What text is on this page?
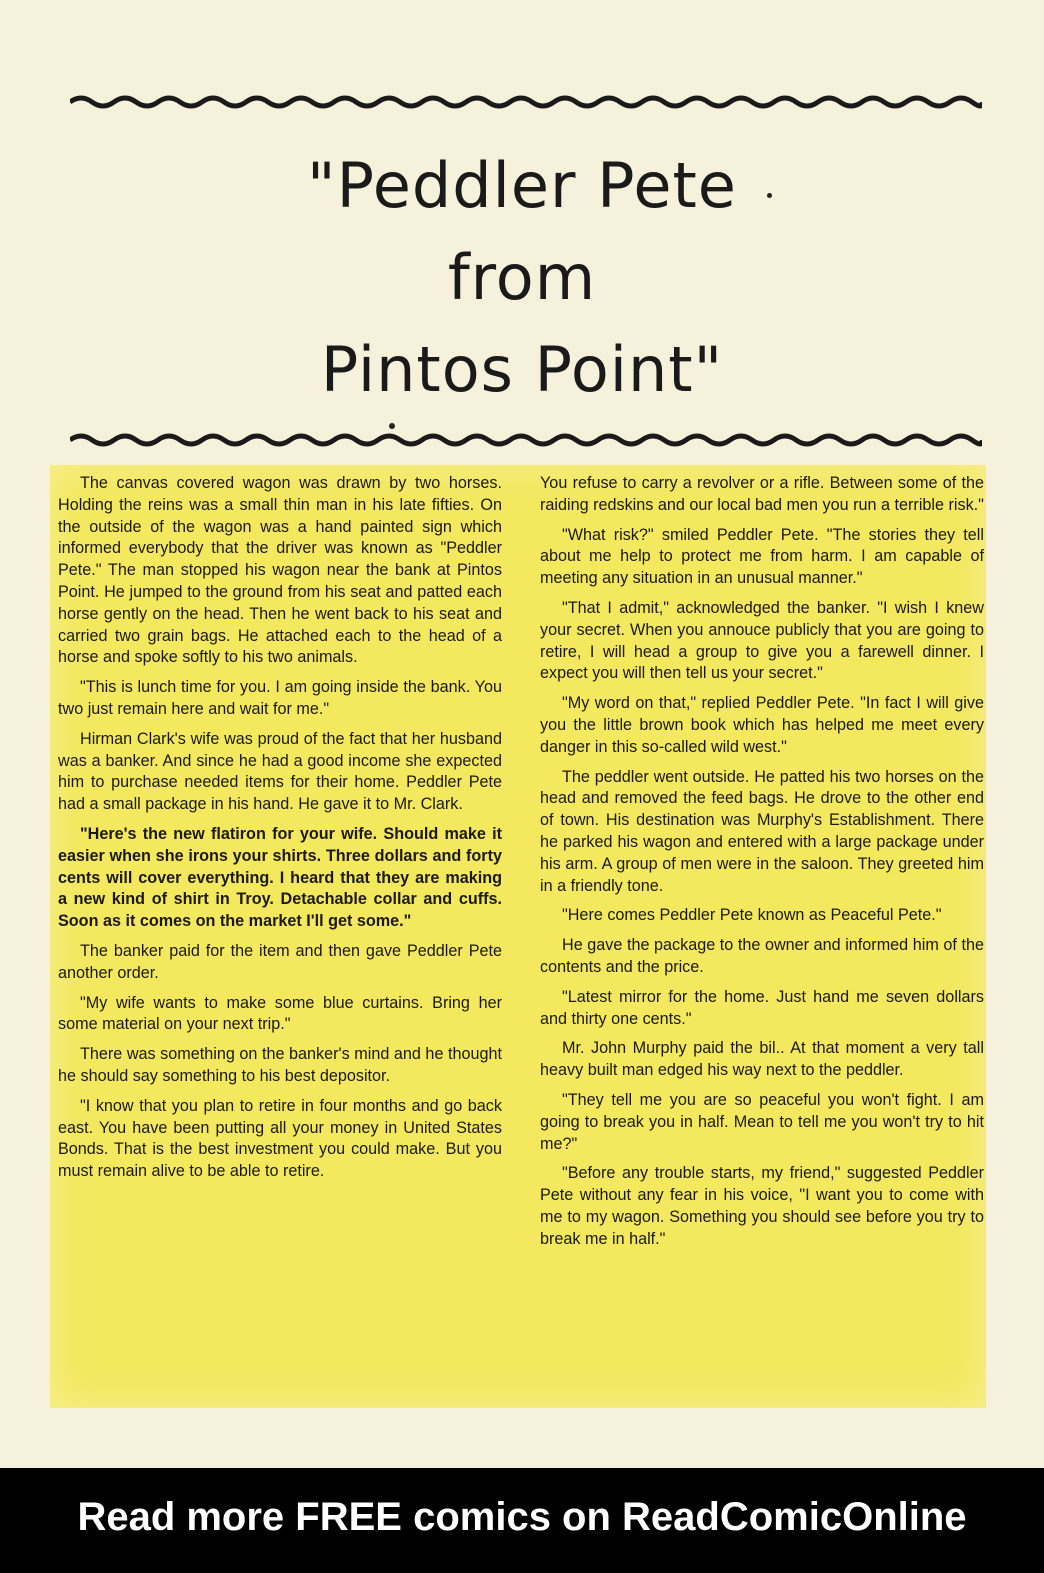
"Peddler Pete
from
Pintos Point"

The canvas covered wagon was drawn by two horses. Holding the reins was a small thin man in his late fifties. On the outside of the wagon was a hand painted sign which informed everybody that the driver was known as "Peddler Pete." The man stopped his wagon near the bank at Pintos Point. He jumped to the ground from his seat and patted each horse gently on the head. Then he went back to his seat and carried two grain bags. He attached each to the head of a horse and spoke softly to his two animals.

"This is lunch time for you. I am going inside the bank. You two just remain here and wait for me."

Hirman Clark's wife was proud of the fact that her husband was a banker. And since he had a good income she expected him to purchase needed items for their home. Peddler Pete had a small package in his hand. He gave it to Mr. Clark.

"Here's the new flatiron for your wife. Should make it easier when she irons your shirts. Three dollars and forty cents will cover everything. I heard that they are making a new kind of shirt in Troy. Detachable collar and cuffs. Soon as it comes on the market I'll get some."

The banker paid for the item and then gave Peddler Pete another order.

"My wife wants to make some blue curtains. Bring her some material on your next trip."

There was something on the banker's mind and he thought he should say something to his best depositor.

"I know that you plan to retire in four months and go back east. You have been putting all your money in United States Bonds. That is the best investment you could make. But you must remain alive to be able to retire.

You refuse to carry a revolver or a rifle. Between some of the raiding redskins and our local bad men you run a terrible risk."

"What risk?" smiled Peddler Pete. "The stories they tell about me help to protect me from harm. I am capable of meeting any situation in an unusual manner."

"That I admit," acknowledged the banker. "I wish I knew your secret. When you annouce publicly that you are going to retire, I will head a group to give you a farewell dinner. I expect you will then tell us your secret."

"My word on that," replied Peddler Pete. "In fact I will give you the little brown book which has helped me meet every danger in this so-called wild west."

The peddler went outside. He patted his two horses on the head and removed the feed bags. He drove to the other end of town. His destination was Murphy's Establishment. There he parked his wagon and entered with a large package under his arm. A group of men were in the saloon. They greeted him in a friendly tone.

"Here comes Peddler Pete known as Peaceful Pete."

He gave the package to the owner and informed him of the contents and the price.

"Latest mirror for the home. Just hand me seven dollars and thirty one cents."

Mr. John Murphy paid the bil.. At that moment a very tall heavy built man edged his way next to the peddler.

"They tell me you are so peaceful you won't fight. I am going to break you in half. Mean to tell me you won't try to hit me?"

"Before any trouble starts, my friend," suggested Peddler Pete without any fear in his voice, "I want you to come with me to my wagon. Something you should see before you try to break me in half."

Read more FREE comics on ReadComicOnline
